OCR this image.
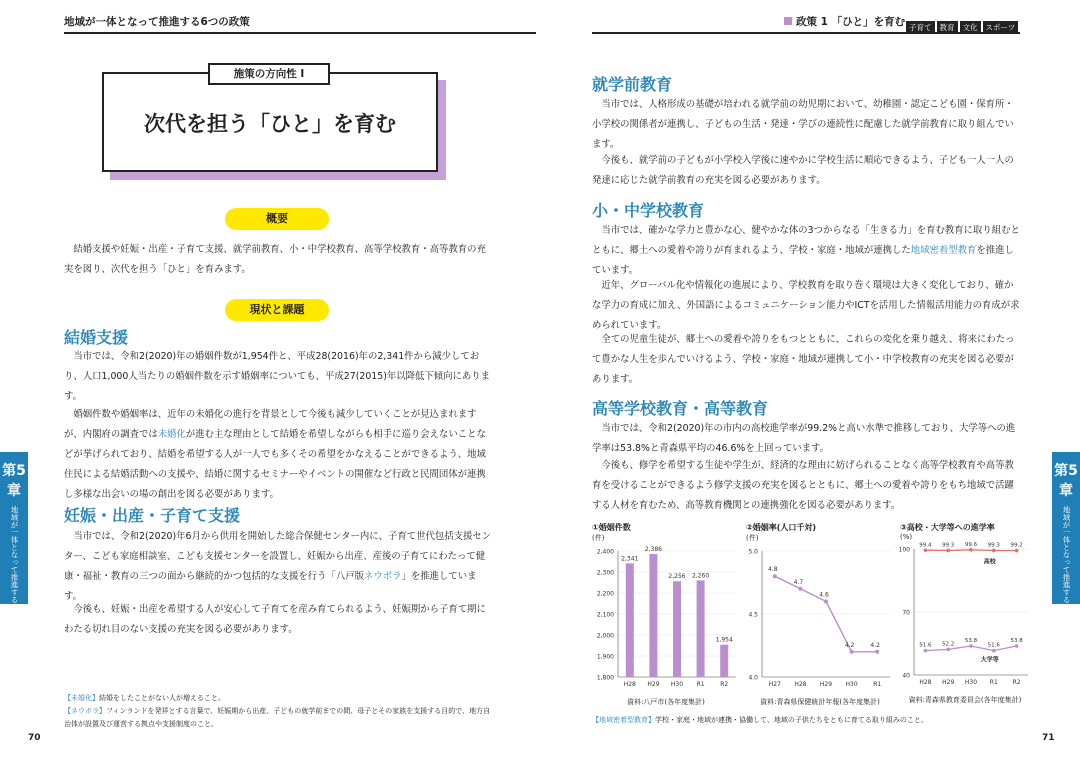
地域が一体となって推進する6つの政策
次代を担う「ひと」を育む
施策の方向性 Ⅰ
概要

結婚支援や妊娠・出産・子育て支援、就学前教育、小・中学校教育、高等学校教育・高等教育の充実を図り、次代を担う「ひと」を育みます。

現状と課題
結婚支援

当市では、令和2(2020)年の婚姻件数が1,954件と、平成28(2016)年の2,341件から減少しており、人口1,000人当たりの婚姻件数を示す婚姻率についても、平成27(2015)年以降低下傾向にあります。

婚姻件数や婚姻率は、近年の未婚化の進行を背景として今後も減少していくことが見込まれますが、内閣府の調査では未婚化が進む主な理由として結婚を希望しながらも相手に巡り会えないことなどが挙げられており、結婚を希望する人が一人でも多くその希望をかなえることができるよう、地域住民による結婚活動への支援や、結婚に関するセミナーやイベントの開催など行政と民間団体が連携し多様な出会いの場の創出を図る必要があります。

妊娠・出産・子育て支援

当市では、令和2(2020)年6月から供用を開始した総合保健センター内に、子育て世代包括支援センター、こども家庭相談室、こども支援センターを設置し、妊娠から出産、産後の子育てにわたって健康・福祉・教育の三つの面から継続的かつ包括的な支援を行う「八戸版ネウボラ」を推進しています。

今後も、妊娠・出産を希望する人が安心して子育てを産み育てられるよう、妊娠期から子育て期にわたる切れ目のない支援の充実を図る必要があります。

【未婚化】結婚をしたことがない人が増えること。
【ネウボラ】フィンランドを発祥とする言葉で、妊娠期から出産、子どもの就学前までの間、母子とその家族を支援する目的で、地方自治体が設置及び運営する拠点や支援制度のこと。
70
第5章
地域が一体となって推進する6つの政策
政策 1 「ひと」を育む 子育て 教育 文化 スポーツ
就学前教育

当市では、人格形成の基礎が培われる就学前の幼児期において、幼稚園・認定こども園・保育所・小学校の関係者が連携し、子どもの生活・発達・学びの連続性に配慮した就学前教育に取り組んでいます。

今後も、就学前の子どもが小学校入学後に速やかに学校生活に順応できるよう、子ども一人一人の発達に応じた就学前教育の充実を図る必要があります。

小・中学校教育

当市では、確かな学力と豊かな心、健やかな体の3つからなる「生きる力」を育む教育に取り組むとともに、郷土への愛着や誇りが育まれるよう、学校・家庭・地域が連携した地域密着型教育を推進しています。

近年、グローバル化や情報化の進展により、学校教育を取り巻く環境は大きく変化しており、確かな学力の育成に加え、外国語によるコミュニケーション能力やICTを活用した情報活用能力の育成が求められています。

全ての児童生徒が、郷土への愛着や誇りをもつとともに、これらの変化を乗り越え、将来にわたって豊かな人生を歩んでいけるよう、学校・家庭・地域が連携して小・中学校教育の充実を図る必要があります。

高等学校教育・高等教育

当市では、令和2(2020)年の市内の高校進学率が99.2%と高い水準で推移しており、大学等への進学率は53.8%と青森県平均の46.6%を上回っています。

今後も、修学を希望する生徒や学生が、経済的な理由に妨げられることなく高等学校教育や高等教育を受けることができるよう修学支援の充実を図るとともに、郷土への愛着や誇りをもち地域で活躍する人材を育むため、高等教育機関との連携強化を図る必要があります。

①婚姻件数
(件)
1,800
1,900
2,000
2,100
2,200
2,300
2,400
2,341
H28
2,386
H29
2,256
H30
2,260
R1
1,954
R2
資料:八戸市(各年度集計)
②婚姻率(人口千対)
(件)
4.0
4.5
5.0
4.8
H27
4.7
H28
4.6
H29
4.2
H30
4.2
R1
資料:青森県保健統計年報(各年度集計)
③高校・大学等への進学率
(%)
40
70
100
H28 H29 H30 R1 R2
99.4 99.3 99.6 99.3 99.2
高校
51.6 52.2
53.8
51.6
53.8
大学等
資料:青森県教育委員会(各年度集計)
【地域密着型教育】学校・家庭・地域が連携・協働して、地域の子供たちをともに育てる取り組みのこと。
71
第5章
地域が一体となって推進する6つの政策
